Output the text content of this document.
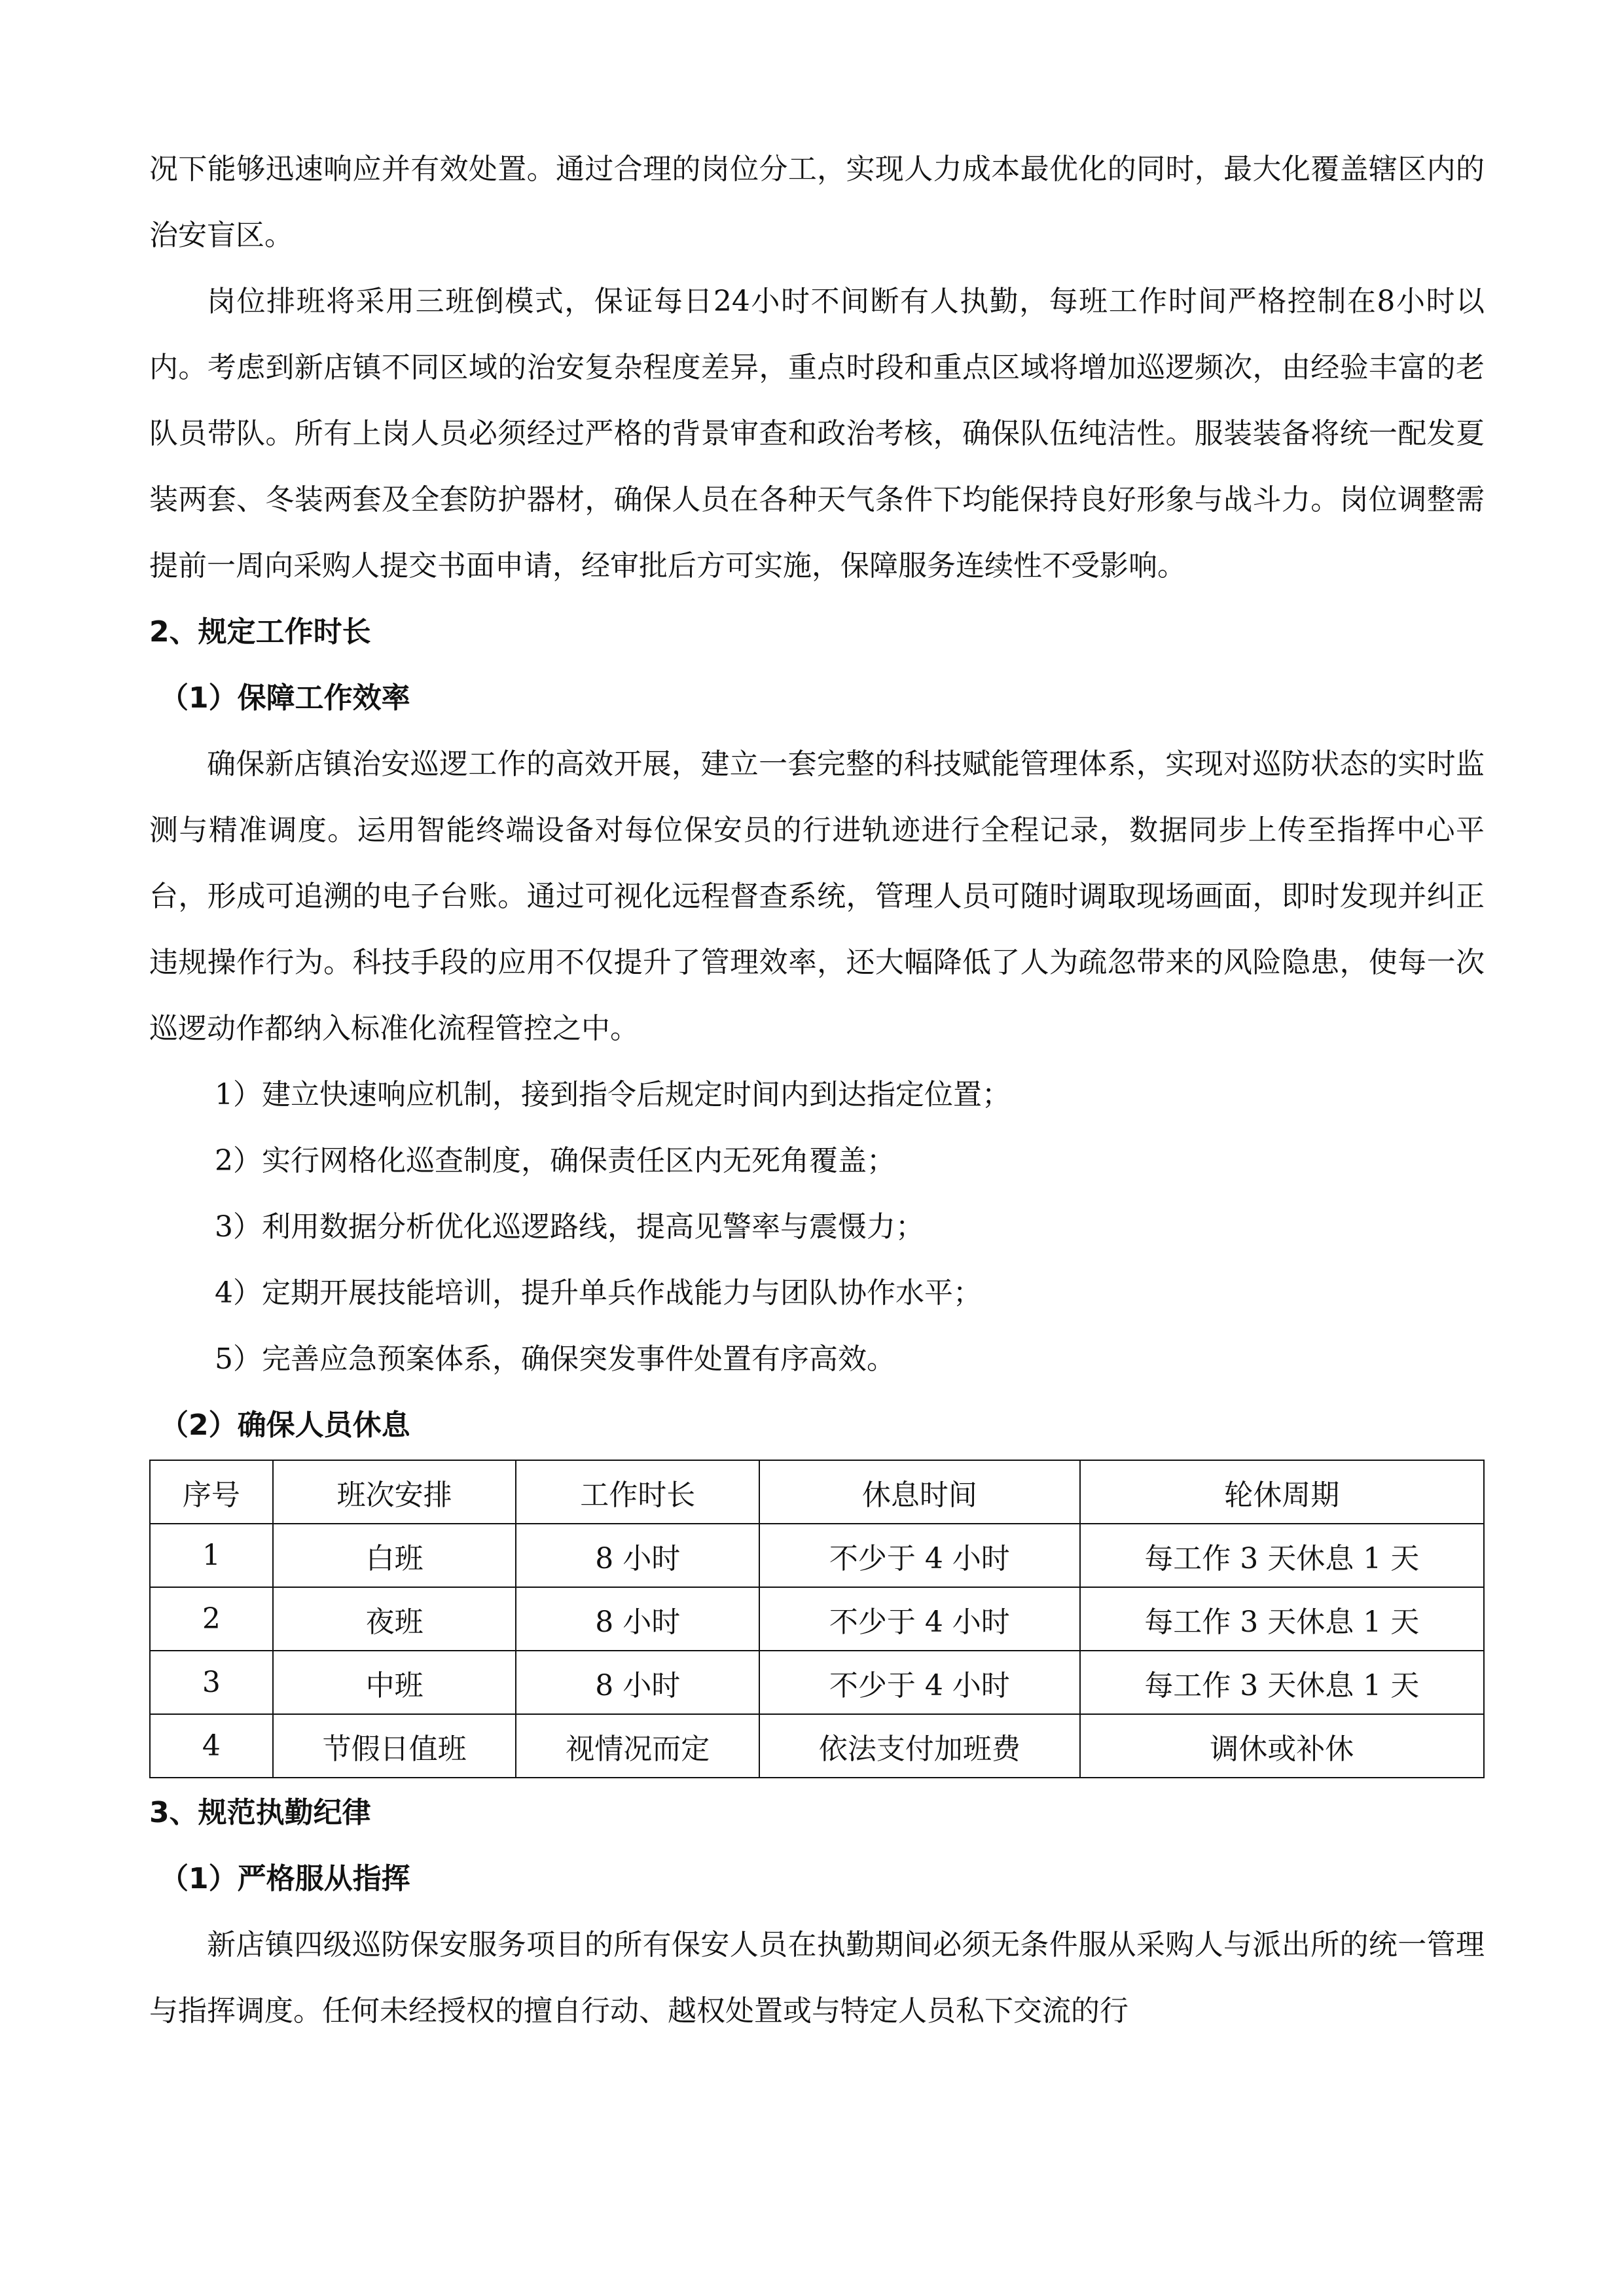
况下能够迅速响应并有效处置。通过合理的岗位分工，实现人力成本最优化的同时，最大化覆盖辖区内的治安盲区。

岗位排班将采用三班倒模式，保证每日24小时不间断有人执勤，每班工作时间严格控制在8小时以内。考虑到新店镇不同区域的治安复杂程度差异，重点时段和重点区域将增加巡逻频次，由经验丰富的老队员带队。所有上岗人员必须经过严格的背景审查和政治考核，确保队伍纯洁性。服装装备将统一配发夏装两套、冬装两套及全套防护器材，确保人员在各种天气条件下均能保持良好形象与战斗力。岗位调整需提前一周向采购人提交书面申请，经审批后方可实施，保障服务连续性不受影响。

2、规定工作时长

（1）保障工作效率

确保新店镇治安巡逻工作的高效开展，建立一套完整的科技赋能管理体系，实现对巡防状态的实时监测与精准调度。运用智能终端设备对每位保安员的行进轨迹进行全程记录，数据同步上传至指挥中心平台，形成可追溯的电子台账。通过可视化远程督查系统，管理人员可随时调取现场画面，即时发现并纠正违规操作行为。科技手段的应用不仅提升了管理效率，还大幅降低了人为疏忽带来的风险隐患，使每一次巡逻动作都纳入标准化流程管控之中。

1）建立快速响应机制，接到指令后规定时间内到达指定位置；

2）实行网格化巡查制度，确保责任区内无死角覆盖；

3）利用数据分析优化巡逻路线，提高见警率与震慑力；

4）定期开展技能培训，提升单兵作战能力与团队协作水平；

5）完善应急预案体系，确保突发事件处置有序高效。

（2）确保人员休息

序号	班次安排	工作时长	休息时间	轮休周期
1	白班	8 小时	不少于 4 小时	每工作 3 天休息 1 天
2	夜班	8 小时	不少于 4 小时	每工作 3 天休息 1 天
3	中班	8 小时	不少于 4 小时	每工作 3 天休息 1 天
4	节假日值班	视情况而定	依法支付加班费	调休或补休

3、规范执勤纪律

（1）严格服从指挥

新店镇四级巡防保安服务项目的所有保安人员在执勤期间必须无条件服从采购人与派出所的统一管理与指挥调度。任何未经授权的擅自行动、越权处置或与特定人员私下交流的行
